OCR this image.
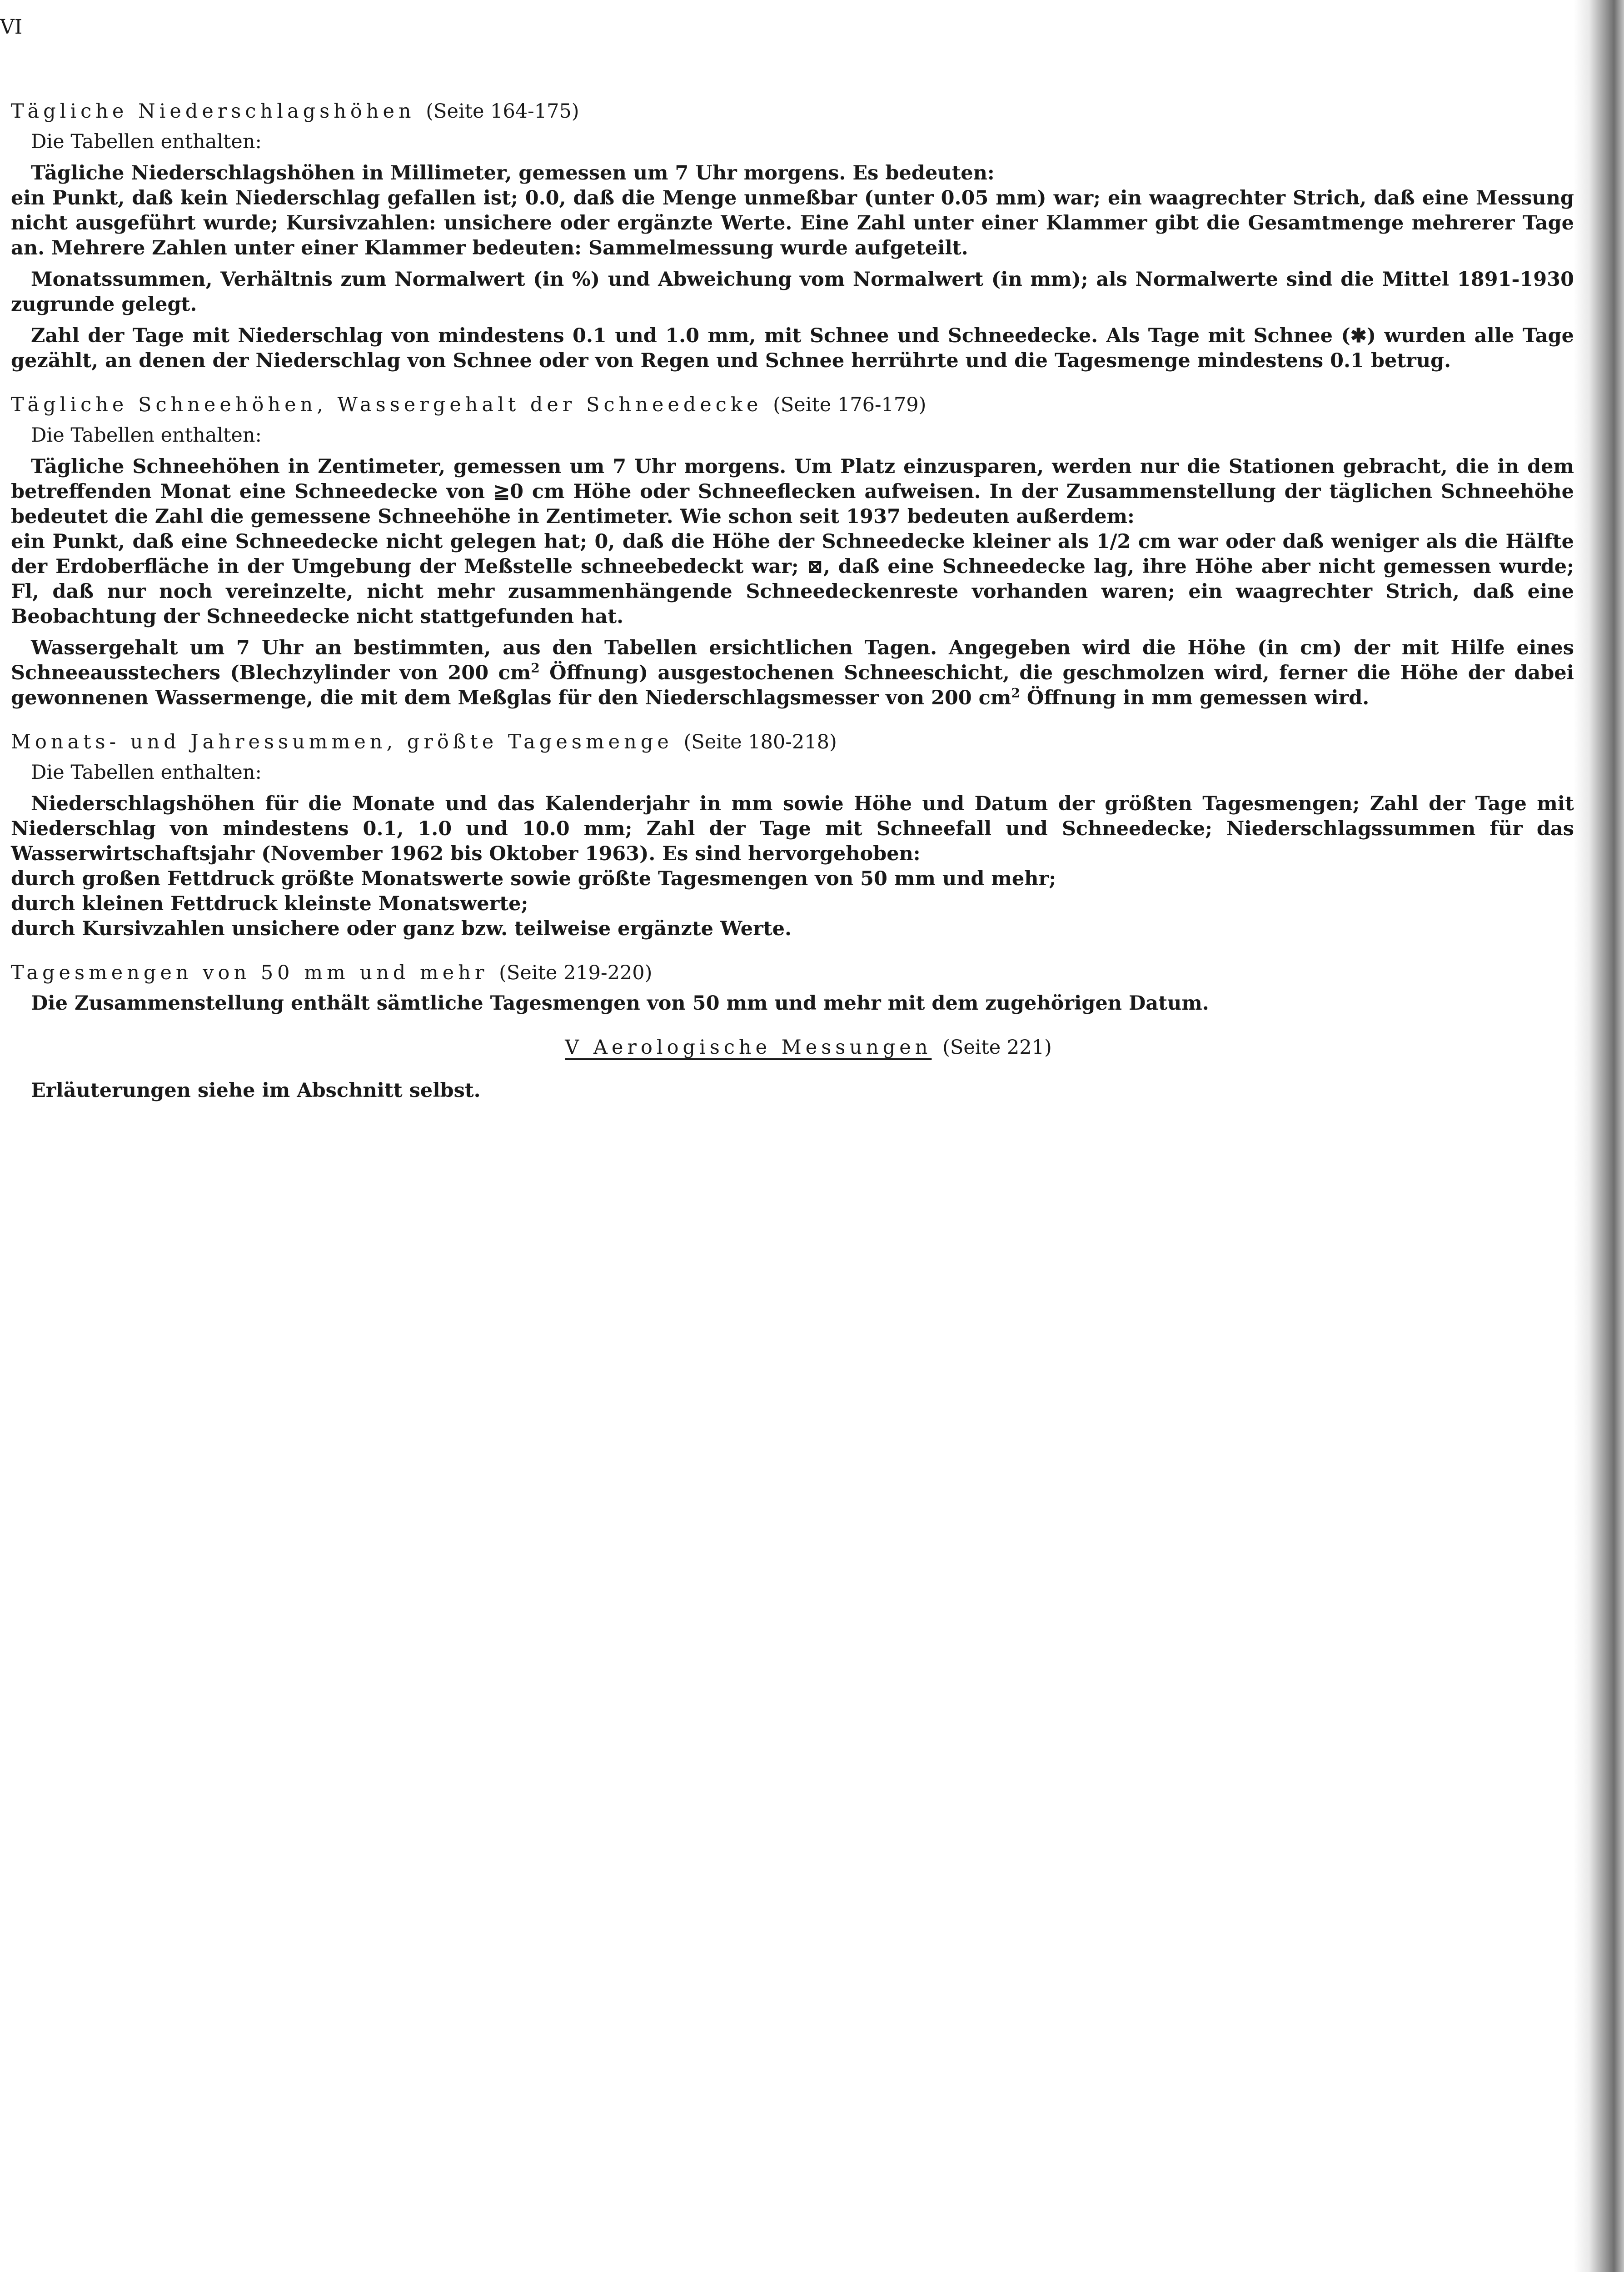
VI
Tägliche Niederschlagshöhen (Seite 164-175)

Die Tabellen enthalten:

Tägliche Niederschlagshöhen in Millimeter, gemessen um 7 Uhr morgens. Es bedeuten:

ein Punkt, daß kein Niederschlag gefallen ist; 0.0, daß die Menge unmeßbar (unter 0.05 mm) war; ein waagrechter Strich, daß eine Messung nicht ausgeführt wurde; Kursivzahlen: unsichere oder ergänzte Werte. Eine Zahl unter einer Klammer gibt die Gesamtmenge mehrerer Tage an. Mehrere Zahlen unter einer Klammer bedeuten: Sammelmessung wurde aufgeteilt.

Monatssummen, Verhältnis zum Normalwert (in %) und Abweichung vom Normalwert (in mm); als Normalwerte sind die Mittel 1891-1930 zugrunde gelegt.

Zahl der Tage mit Niederschlag von mindestens 0.1 und 1.0 mm, mit Schnee und Schneedecke. Als Tage mit Schnee (✱) wurden alle Tage gezählt, an denen der Niederschlag von Schnee oder von Regen und Schnee herrührte und die Tagesmenge mindestens 0.1 betrug.

Tägliche Schneehöhen, Wassergehalt der Schneedecke (Seite 176-179)

Die Tabellen enthalten:

Tägliche Schneehöhen in Zentimeter, gemessen um 7 Uhr morgens. Um Platz einzusparen, werden nur die Stationen gebracht, die in dem betreffenden Monat eine Schneedecke von ≧0 cm Höhe oder Schneeflecken aufweisen. In der Zusammenstellung der täglichen Schneehöhe bedeutet die Zahl die gemessene Schneehöhe in Zentimeter. Wie schon seit 1937 bedeuten außerdem:

ein Punkt, daß eine Schneedecke nicht gelegen hat; 0, daß die Höhe der Schneedecke kleiner als 1/2 cm war oder daß weniger als die Hälfte der Erdoberfläche in der Umgebung der Meßstelle schneebedeckt war; ⊠, daß eine Schneedecke lag, ihre Höhe aber nicht gemessen wurde; Fl, daß nur noch vereinzelte, nicht mehr zusammenhängende Schneedeckenreste vorhanden waren; ein waagrechter Strich, daß eine Beobachtung der Schneedecke nicht stattgefunden hat.

Wassergehalt um 7 Uhr an bestimmten, aus den Tabellen ersichtlichen Tagen. Angegeben wird die Höhe (in cm) der mit Hilfe eines Schneeausstechers (Blechzylinder von 200 $cm^2$ Öffnung) ausgestochenen Schneeschicht, die geschmolzen wird, ferner die Höhe der dabei gewonnenen Wassermenge, die mit dem Meßglas für den Niederschlagsmesser von 200 $cm^2$ Öffnung in mm gemessen wird.

Monats- und Jahressummen, größte Tagesmenge (Seite 180-218)

Die Tabellen enthalten:

Niederschlagshöhen für die Monate und das Kalenderjahr in mm sowie Höhe und Datum der größten Tagesmengen; Zahl der Tage mit Niederschlag von mindestens 0.1, 1.0 und 10.0 mm; Zahl der Tage mit Schneefall und Schneedecke; Niederschlagssummen für das Wasserwirtschaftsjahr (November 1962 bis Oktober 1963). Es sind hervorgehoben:

durch großen Fettdruck größte Monatswerte sowie größte Tagesmengen von 50 mm und mehr;
durch kleinen Fettdruck kleinste Monatswerte;
durch Kursivzahlen unsichere oder ganz bzw. teilweise ergänzte Werte.
Tagesmengen von 50 mm und mehr (Seite 219-220)

Die Zusammenstellung enthält sämtliche Tagesmengen von 50 mm und mehr mit dem zugehörigen Datum.

V Aerologische Messungen (Seite 221)

Erläuterungen siehe im Abschnitt selbst.
